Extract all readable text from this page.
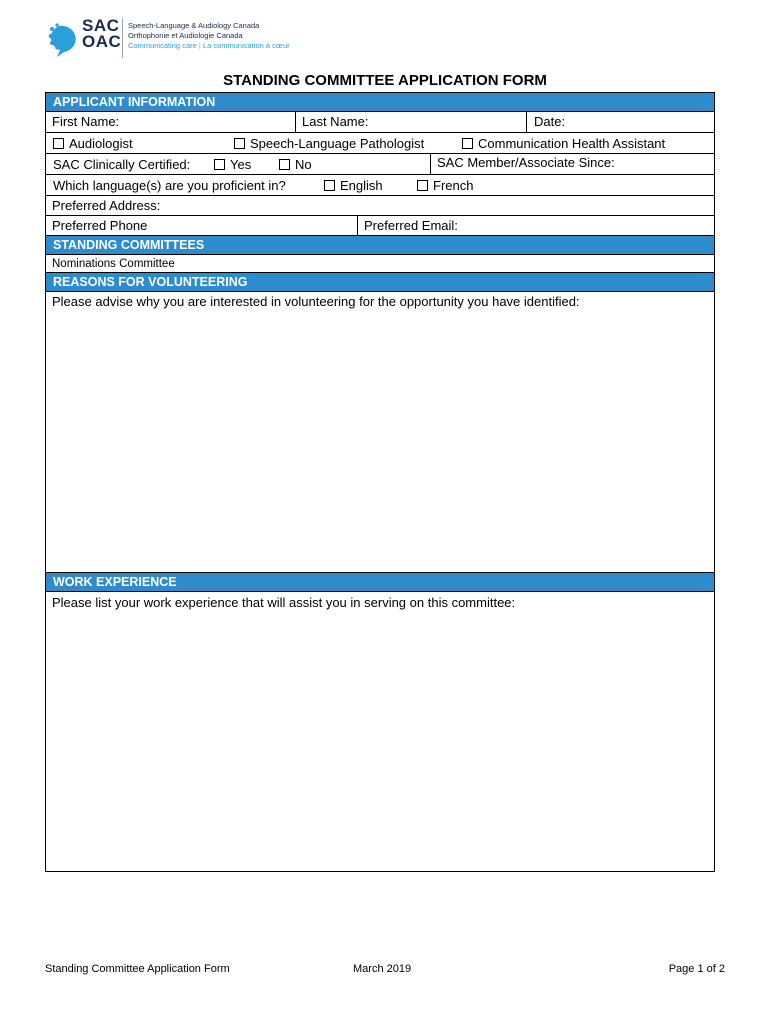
SAC
OAC
Speech-Language & Audiology Canada
Orthophonie et Audiologie Canada
Communicating care | La communication à cœur
STANDING COMMITTEE APPLICATION FORM
APPLICANT INFORMATION
First Name:	Last Name:	Date:
Audiologist	Speech-Language Pathologist	Communication Health Assistant
SAC Clinically Certified:	Yes	No	SAC Member/Associate Since:
Which language(s) are you proficient in?	English	French
Preferred Address:
Preferred Phone	Preferred Email:
STANDING COMMITTEES
Nominations Committee
REASONS FOR VOLUNTEERING
Please advise why you are interested in volunteering for the opportunity you have identified:
WORK EXPERIENCE
Please list your work experience that will assist you in serving on this committee:
Standing Committee Application Form	March 2019	Page 1 of 2
